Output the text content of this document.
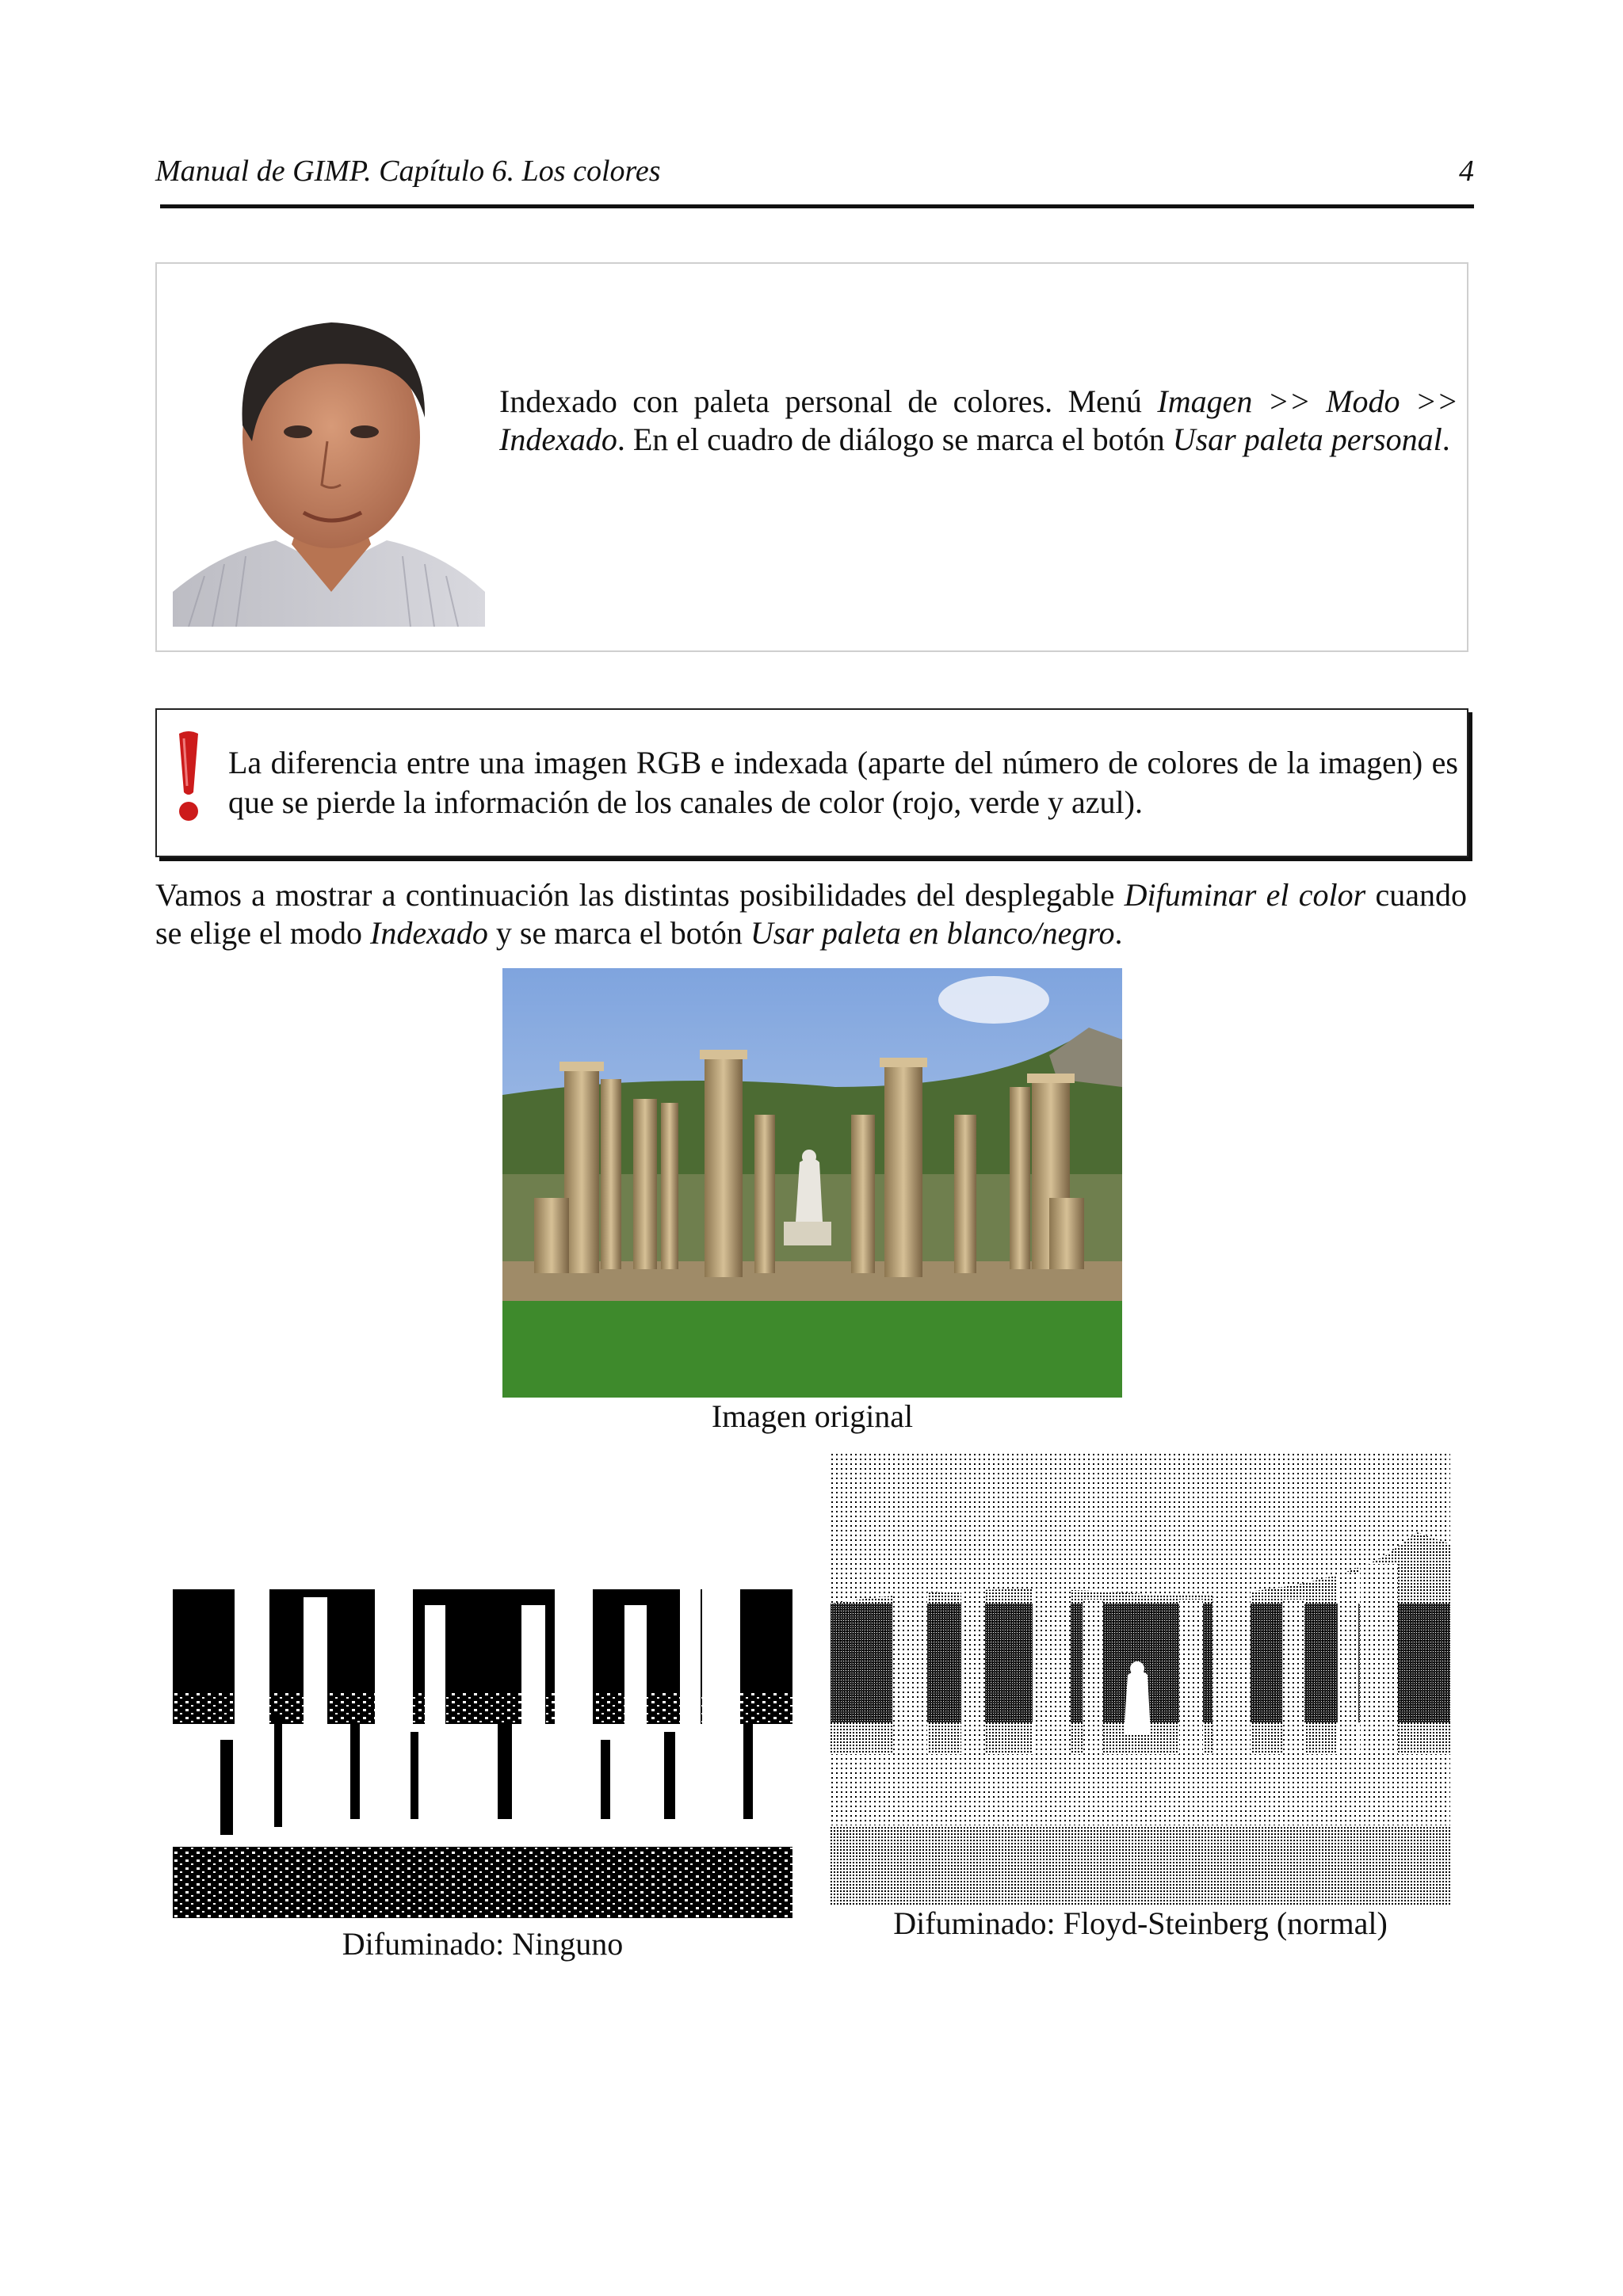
Manual de GIMP. Capítulo 6. Los colores	4
Indexado con paleta personal de colores. Menú Imagen >> Modo >> Indexado. En el cuadro de diálogo se marca el botón Usar paleta personal.
La diferencia entre una imagen RGB e indexada (aparte del número de colores de la imagen) es que se pierde la información de los canales de color (rojo, verde y azul).
Vamos a mostrar a continuación las distintas posibilidades del desplegable Difuminar el color cuando se elige el modo Indexado y se marca el botón Usar paleta en blanco/negro.
Imagen original
Difuminado: Ninguno
Difuminado: Floyd-Steinberg (normal)
